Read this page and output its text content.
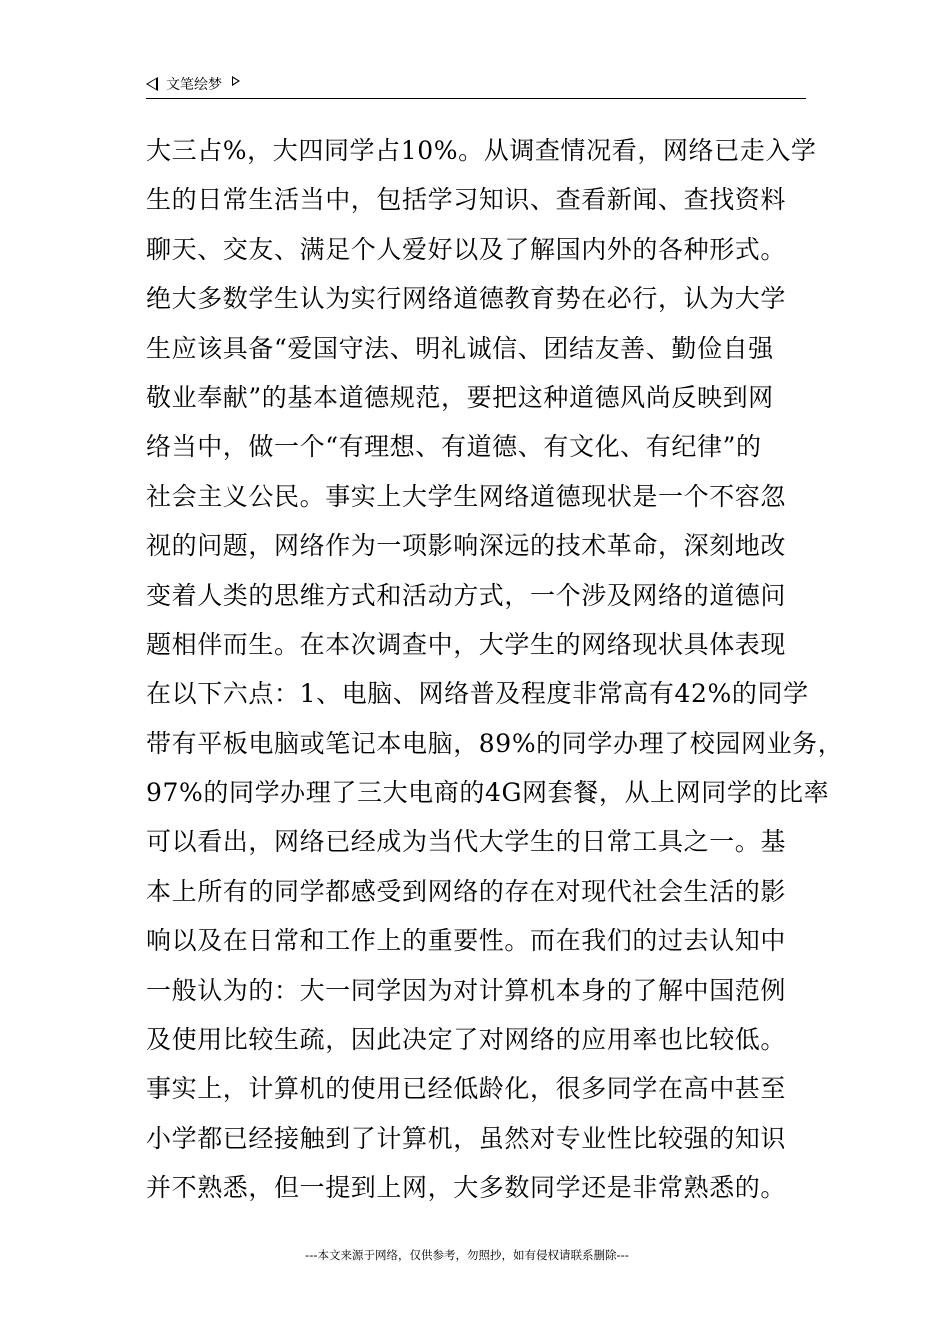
文笔绘梦
大三占%，大四同学占10%。从调查情况看，网络已走入学
生的日常生活当中，包括学习知识、查看新闻、查找资料
聊天、交友、满足个人爱好以及了解国内外的各种形式。
绝大多数学生认为实行网络道德教育势在必行，认为大学
生应该具备“爱国守法、明礼诚信、团结友善、勤俭自强
敬业奉献”的基本道德规范，要把这种道德风尚反映到网
络当中，做一个“有理想、有道德、有文化、有纪律”的
社会主义公民。事实上大学生网络道德现状是一个不容忽
视的问题，网络作为一项影响深远的技术革命，深刻地改
变着人类的思维方式和活动方式，一个涉及网络的道德问
题相伴而生。在本次调查中，大学生的网络现状具体表现
在以下六点：1、电脑、网络普及程度非常高有42%的同学
带有平板电脑或笔记本电脑，89%的同学办理了校园网业务，
97%的同学办理了三大电商的4G网套餐，从上网同学的比率
可以看出，网络已经成为当代大学生的日常工具之一。基
本上所有的同学都感受到网络的存在对现代社会生活的影
响以及在日常和工作上的重要性。而在我们的过去认知中
一般认为的：大一同学因为对计算机本身的了解中国范例
及使用比较生疏，因此决定了对网络的应用率也比较低。
事实上，计算机的使用已经低龄化，很多同学在高中甚至
小学都已经接触到了计算机，虽然对专业性比较强的知识
并不熟悉，但一提到上网，大多数同学还是非常熟悉的。
---本文来源于网络，仅供参考，勿照抄，如有侵权请联系删除---
